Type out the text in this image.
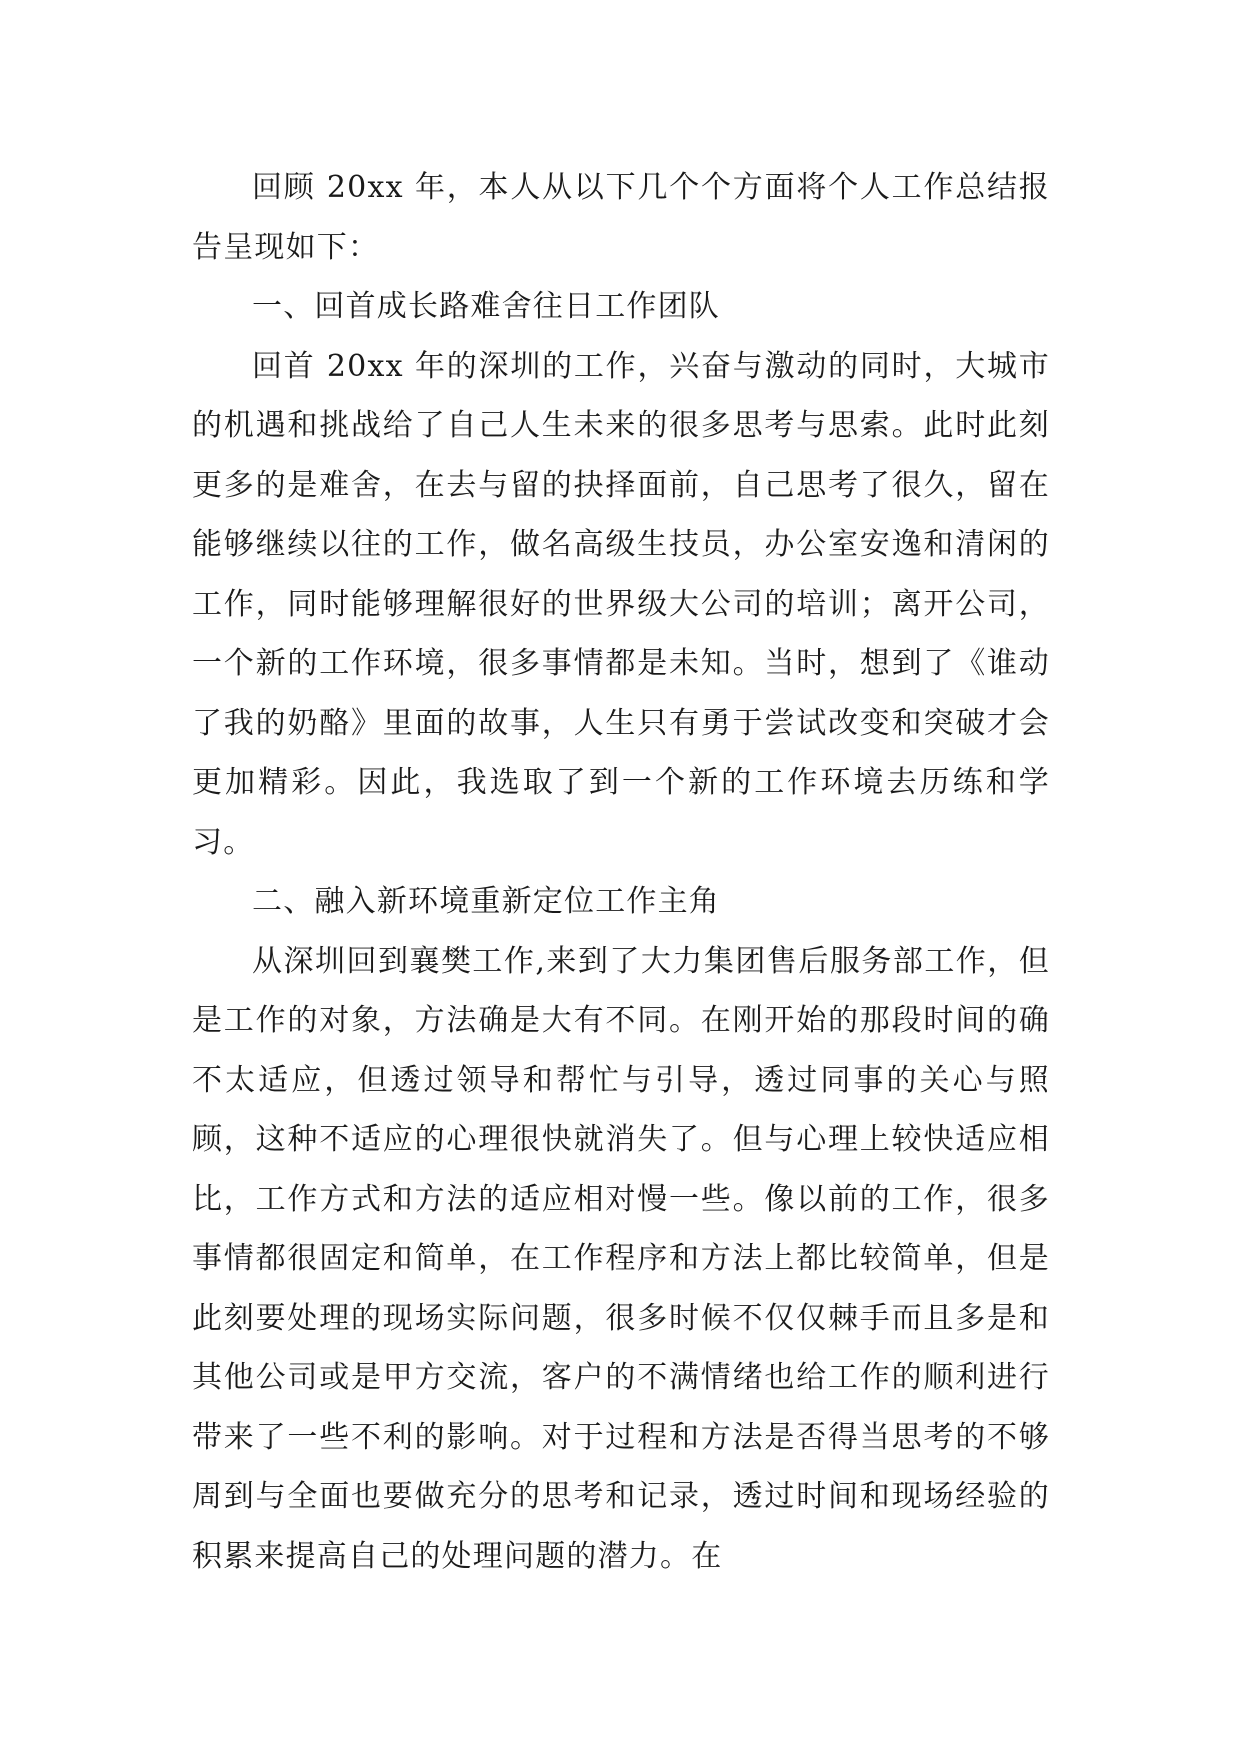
回顾 20xx 年，本人从以下几个个方面将个人工作总结报告呈现如下：

一、回首成长路难舍往日工作团队

回首 20xx 年的深圳的工作，兴奋与激动的同时，大城市的机遇和挑战给了自己人生未来的很多思考与思索。此时此刻更多的是难舍，在去与留的抉择面前，自己思考了很久，留在能够继续以往的工作，做名高级生技员，办公室安逸和清闲的工作，同时能够理解很好的世界级大公司的培训；离开公司，一个新的工作环境，很多事情都是未知。当时，想到了《谁动了我的奶酪》里面的故事，人生只有勇于尝试改变和突破才会更加精彩。因此，我选取了到一个新的工作环境去历练和学习。

二、融入新环境重新定位工作主角

从深圳回到襄樊工作,来到了大力集团售后服务部工作，但是工作的对象，方法确是大有不同。在刚开始的那段时间的确不太适应，但透过领导和帮忙与引导，透过同事的关心与照顾，这种不适应的心理很快就消失了。但与心理上较快适应相比，工作方式和方法的适应相对慢一些。像以前的工作，很多事情都很固定和简单，在工作程序和方法上都比较简单，但是此刻要处理的现场实际问题，很多时候不仅仅棘手而且多是和其他公司或是甲方交流，客户的不满情绪也给工作的顺利进行带来了一些不利的影响。对于过程和方法是否得当思考的不够周到与全面也要做充分的思考和记录，透过时间和现场经验的积累来提高自己的处理问题的潜力。在
